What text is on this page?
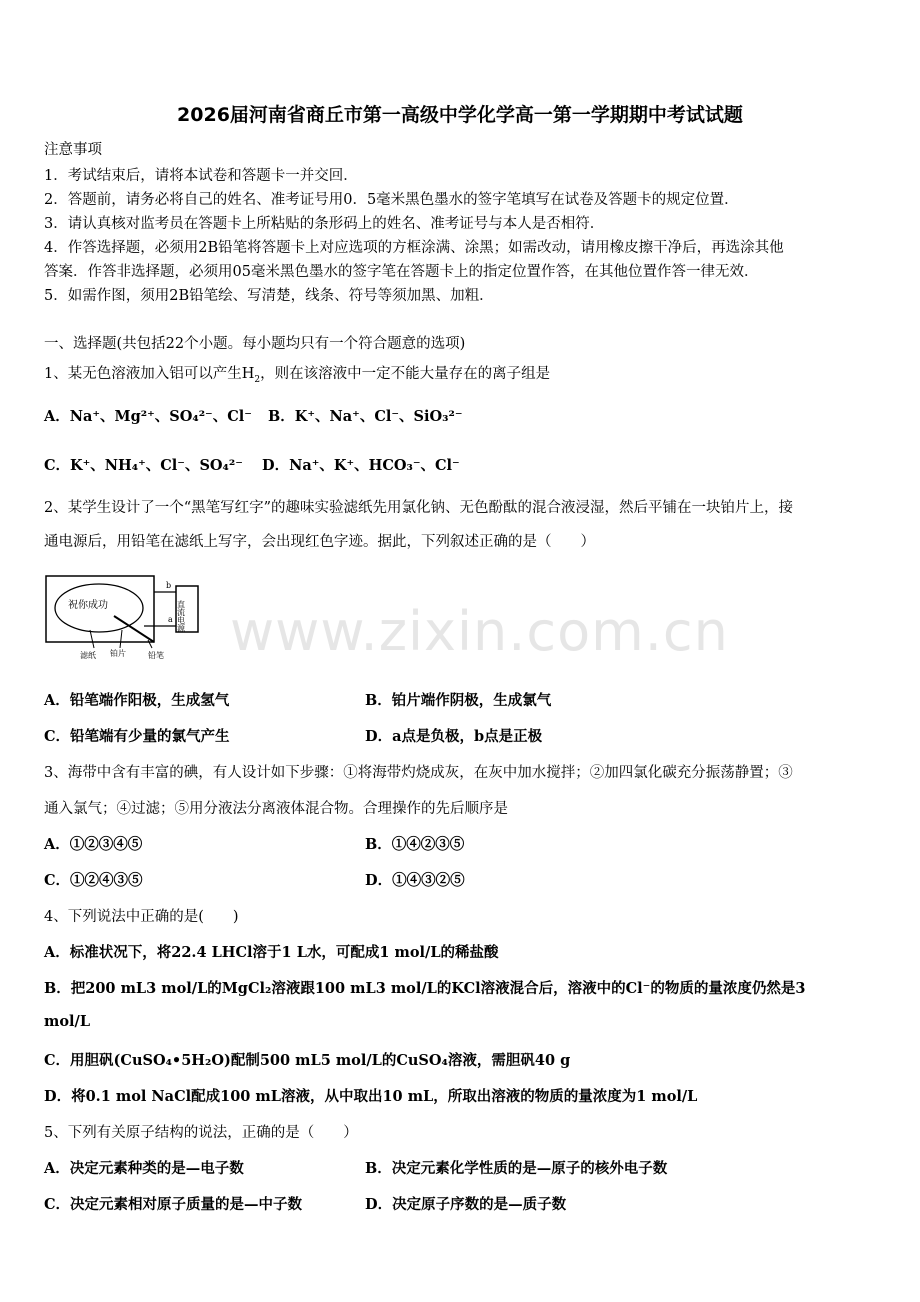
2026届河南省商丘市第一高级中学化学高一第一学期期中考试试题
注意事项
1．考试结束后，请将本试卷和答题卡一并交回．
2．答题前，请务必将自己的姓名、准考证号用0．5毫米黑色墨水的签字笔填写在试卷及答题卡的规定位置．
3．请认真核对监考员在答题卡上所粘贴的条形码上的姓名、准考证号与本人是否相符．
4．作答选择题，必须用2B铅笔将答题卡上对应选项的方框涂满、涂黑；如需改动，请用橡皮擦干净后，再选涂其他
答案．作答非选择题，必须用05毫米黑色墨水的签字笔在答题卡上的指定位置作答，在其他位置作答一律无效．
5．如需作图，须用2B铅笔绘、写清楚，线条、符号等须加黑、加粗．
一、选择题(共包括22个小题。每小题均只有一个符合题意的选项)
1、某无色溶液加入铝可以产生$H_2$，则在该溶液中一定不能大量存在的离子组是
A．Na⁺、Mg²⁺、SO₄²⁻、Cl⁻ B．K⁺、Na⁺、Cl⁻、SiO₃²⁻
C．K⁺、NH₄⁺、Cl⁻、SO₄²⁻ D．Na⁺、K⁺、HCO₃⁻、Cl⁻
2、某学生设计了一个“黑笔写红字”的趣味实验滤纸先用氯化钠、无色酚酞的混合液浸湿，然后平铺在一块铂片上，接
通电源后，用铅笔在滤纸上写字，会出现红色字迹。据此，下列叙述正确的是（　　）
祝你成功	直流电源
b
a
滤纸 铂片	铅笔
A．铅笔端作阳极，生成氢气	B．铂片端作阴极，生成氯气
C．铅笔端有少量的氯气产生	D．a点是负极，b点是正极
3、海带中含有丰富的碘，有人设计如下步骤：①将海带灼烧成灰，在灰中加水搅拌；②加四氯化碳充分振荡静置；③
通入氯气；④过滤；⑤用分液法分离液体混合物。合理操作的先后顺序是
A．①②③④⑤	B．①④②③⑤
C．①②④③⑤	D．①④③②⑤
4、下列说法中正确的是(　　)
A．标准状况下，将22.4 LHCl溶于1 L水，可配成1 mol/L的稀盐酸
B．把200 mL3 mol/L的MgCl₂溶液跟100 mL3 mol/L的KCl溶液混合后，溶液中的Cl⁻的物质的量浓度仍然是3
mol/L
C．用胆矾(CuSO₄•5H₂O)配制500 mL5 mol/L的CuSO₄溶液，需胆矾40 g
D．将0.1 mol NaCl配成100 mL溶液，从中取出10 mL，所取出溶液的物质的量浓度为1 mol/L
5、下列有关原子结构的说法，正确的是（　　）
A．决定元素种类的是—电子数	B．决定元素化学性质的是—原子的核外电子数
C．决定元素相对原子质量的是—中子数	D．决定原子序数的是—质子数
www.zixin.com.cn
